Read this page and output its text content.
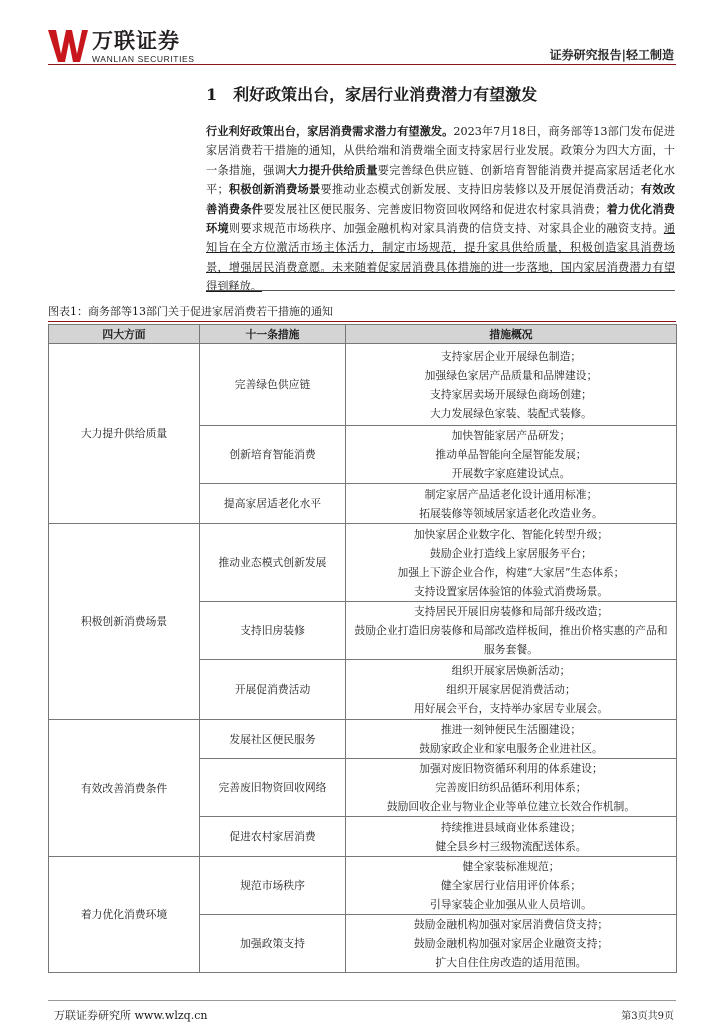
万联证券
WANLIAN SECURITIES	证券研究报告|轻工制造
1 利好政策出台，家居行业消费潜力有望激发

行业利好政策出台，家居消费需求潜力有望激发。2023年7月18日，商务部等13部门发布促进家居消费若干措施的通知，从供给端和消费端全面支持家居行业发展。政策分为四大方面，十一条措施，强调大力提升供给质量要完善绿色供应链、创新培育智能消费并提高家居适老化水平；积极创新消费场景要推动业态模式创新发展、支持旧房装修以及开展促消费活动；有效改善消费条件要发展社区便民服务、完善废旧物资回收网络和促进农村家具消费；着力优化消费环境则要求规范市场秩序、加强金融机构对家具消费的信贷支持、对家具企业的融资支持。通知旨在全方位激活市场主体活力，制定市场规范，提升家具供给质量，积极创造家具消费场景，增强居民消费意愿。未来随着促家居消费具体措施的进一步落地，国内家居消费潜力有望得到释放。

图表1：商务部等13部门关于促进家居消费若干措施的通知
四大方面	十一条措施	措施概况
大力提升供给质量	完善绿色供应链	支持家居企业开展绿色制造；
加强绿色家居产品质量和品牌建设；
支持家居卖场开展绿色商场创建；
大力发展绿色家装、装配式装修。

	创新培育智能消费	加快智能家居产品研发；
推动单品智能向全屋智能发展；
开展数字家庭建设试点。

	提高家居适老化水平	制定家居产品适老化设计通用标准；
拓展装修等领域居家适老化改造业务。

积极创新消费场景	推动业态模式创新发展	加快家居企业数字化、智能化转型升级；
鼓励企业打造线上家居服务平台；
加强上下游企业合作，构建“大家居”生态体系；
支持设置家居体验馆的体验式消费场景。

	支持旧房装修	支持居民开展旧房装修和局部升级改造；
鼓励企业打造旧房装修和局部改造样板间，推出价格实惠的产品和服务套餐。

	开展促消费活动	组织开展家居焕新活动；
组织开展家居促消费活动；
用好展会平台，支持举办家居专业展会。

有效改善消费条件	发展社区便民服务	推进一刻钟便民生活圈建设；
鼓励家政企业和家电服务企业进社区。

	完善废旧物资回收网络	加强对废旧物资循环利用的体系建设；
完善废旧纺织品循环利用体系；
鼓励回收企业与物业企业等单位建立长效合作机制。

	促进农村家居消费	持续推进县域商业体系建设；
健全县乡村三级物流配送体系。

着力优化消费环境	规范市场秩序	健全家装标准规范；
健全家居行业信用评价体系；
引导家装企业加强从业人员培训。

	加强政策支持	鼓励金融机构加强对家居消费信贷支持；
鼓励金融机构加强对家居企业融资支持；
扩大自住住房改造的适用范围。
万联证券研究所 www.wlzq.cn	第3页共9页
